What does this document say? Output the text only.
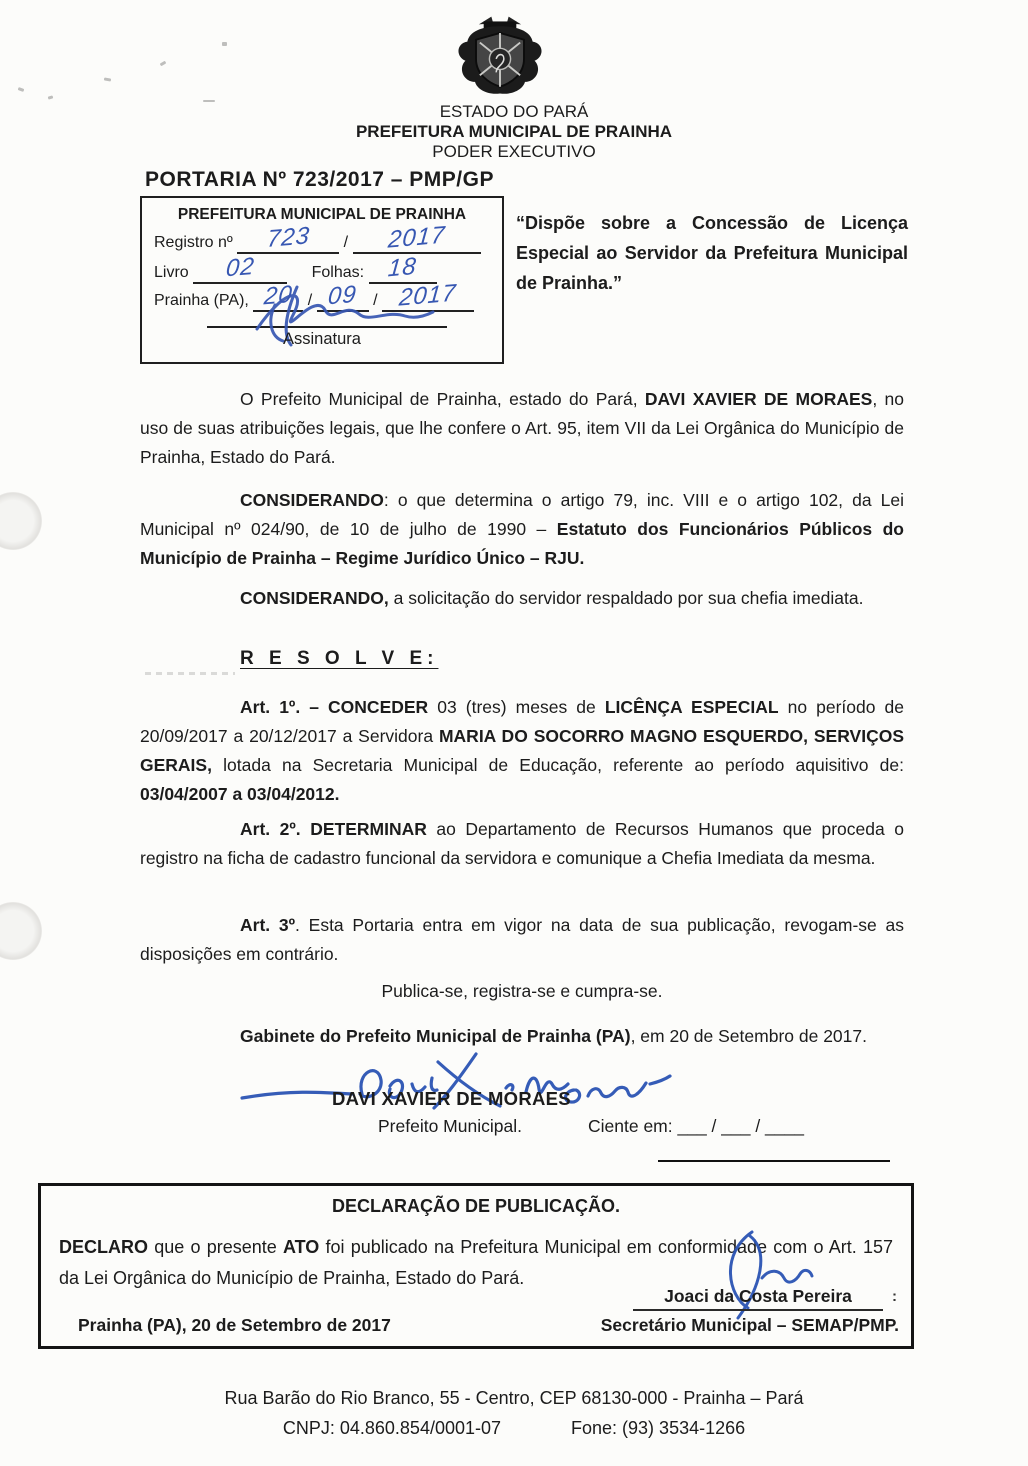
ESTADO DO PARÁ
PREFEITURA MUNICIPAL DE PRAINHA
PODER EXECUTIVO
PORTARIA Nº 723/2017 – PMP/GP
PREFEITURA MUNICIPAL DE PRAINHA
Registro nº 723 / 2017
Livro 02	Folhas: 18
Prainha (PA), 20 / 09 / 2017
Assinatura
“Dispõe sobre a Concessão de Licença Especial ao Servidor da Prefeitura Municipal de Prainha.”
O Prefeito Municipal de Prainha, estado do Pará, DAVI XAVIER DE MORAES, no uso de suas atribuições legais, que lhe confere o Art. 95, item VII da Lei Orgânica do Município de Prainha, Estado do Pará.
CONSIDERANDO: o que determina o artigo 79, inc. VIII e o artigo 102, da Lei Municipal nº 024/90, de 10 de julho de 1990 – Estatuto dos Funcionários Públicos do Município de Prainha – Regime Jurídico Único – RJU.
CONSIDERANDO, a solicitação do servidor respaldado por sua chefia imediata.
R E S O L V E:
Art. 1º. – CONCEDER 03 (tres) meses de LICÊNÇA ESPECIAL no período de 20/09/2017 a 20/12/2017 a Servidora MARIA DO SOCORRO MAGNO ESQUERDO, SERVIÇOS GERAIS, lotada na Secretaria Municipal de Educação, referente ao período aquisitivo de: 03/04/2007 a 03/04/2012.
Art. 2º. DETERMINAR ao Departamento de Recursos Humanos que proceda o registro na ficha de cadastro funcional da servidora e comunique a Chefia Imediata da mesma.
Art. 3º. Esta Portaria entra em vigor na data de sua publicação, revogam-se as disposições em contrário.
Publica-se, registra-se e cumpra-se.
Gabinete do Prefeito Municipal de Prainha (PA), em 20 de Setembro de 2017.
DAVI XAVIER DE MORAES
Prefeito Municipal.	Ciente em: ___ / ___ / ____
DECLARAÇÃO DE PUBLICAÇÃO.
DECLARO que o presente ATO foi publicado na Prefeitura Municipal em conformidade com o Art. 157 da Lei Orgânica do Município de Prainha, Estado do Pará.
Joaci da Costa Pereira	:
Prainha (PA), 20 de Setembro de 2017	Secretário Municipal – SEMAP/PMP.
Rua Barão do Rio Branco, 55 - Centro, CEP 68130-000 - Prainha – Pará
CNPJ: 04.860.854/0001-07	Fone: (93) 3534-1266
